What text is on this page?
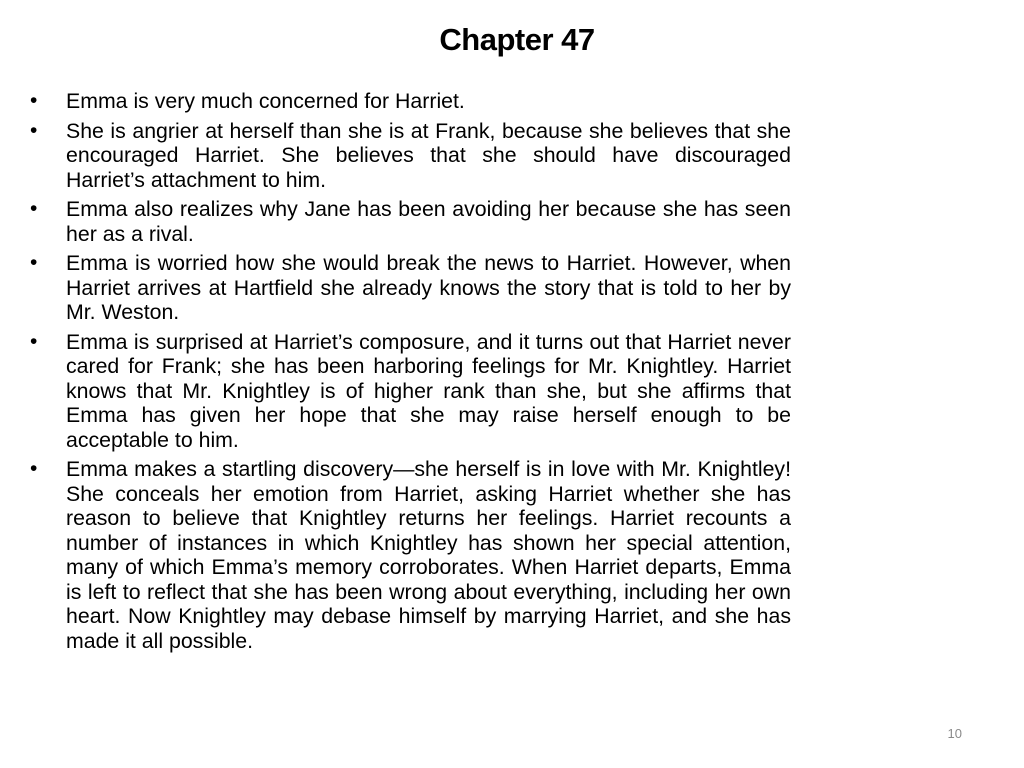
Chapter 47
•	Emma is very much concerned for Harriet.
•	She is angrier at herself than she is at Frank, because she believes that she encouraged Harriet. She believes that she should have discouraged Harriet’s attachment to him.
•	Emma also realizes why Jane has been avoiding her because she has seen her as a rival.
•	Emma is worried how she would break the news to Harriet. However, when Harriet arrives at Hartfield she already knows the story that is told to her by Mr. Weston.
•	Emma is surprised at Harriet’s composure, and it turns out that Harriet never cared for Frank; she has been harboring feelings for Mr. Knightley. Harriet knows that Mr. Knightley is of higher rank than she, but she affirms that Emma has given her hope that she may raise herself enough to be acceptable to him.
•	Emma makes a startling discovery—she herself is in love with Mr. Knightley! She conceals her emotion from Harriet, asking Harriet whether she has reason to believe that Knightley returns her feelings. Harriet recounts a number of instances in which Knightley has shown her special attention, many of which Emma’s memory corroborates. When Harriet departs, Emma is left to reflect that she has been wrong about everything, including her own heart. Now Knightley may debase himself by marrying Harriet, and she has made it all possible.
10
